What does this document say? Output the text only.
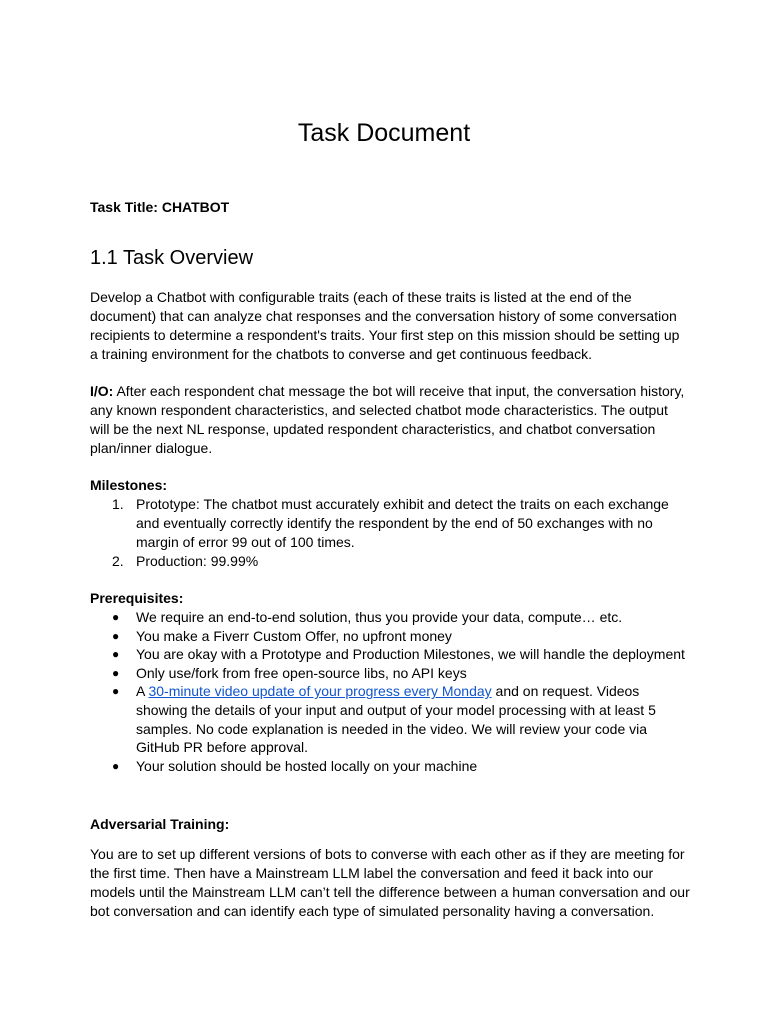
Task Document

Task Title: CHATBOT

1.1 Task Overview

Develop a Chatbot with configurable traits (each of these traits is listed at the end of the document) that can analyze chat responses and the conversation history of some conversation recipients to determine a respondent's traits. Your first step on this mission should be setting up a training environment for the chatbots to converse and get continuous feedback.

I/O: After each respondent chat message the bot will receive that input, the conversation history, any known respondent characteristics, and selected chatbot mode characteristics. The output will be the next NL response, updated respondent characteristics, and chatbot conversation plan/inner dialogue.

Milestones:

1. Prototype: The chatbot must accurately exhibit and detect the traits on each exchange and eventually correctly identify the respondent by the end of 50 exchanges with no margin of error 99 out of 100 times.
2. Production: 99.99%

Prerequisites:

● We require an end-to-end solution, thus you provide your data, compute… etc.
● You make a Fiverr Custom Offer, no upfront money
● You are okay with a Prototype and Production Milestones, we will handle the deployment
● Only use/fork from free open-source libs, no API keys
● A 30-minute video update of your progress every Monday and on request. Videos showing the details of your input and output of your model processing with at least 5 samples. No code explanation is needed in the video. We will review your code via GitHub PR before approval.
● Your solution should be hosted locally on your machine

Adversarial Training:

You are to set up different versions of bots to converse with each other as if they are meeting for the first time. Then have a Mainstream LLM label the conversation and feed it back into our models until the Mainstream LLM can’t tell the difference between a human conversation and our bot conversation and can identify each type of simulated personality having a conversation.
